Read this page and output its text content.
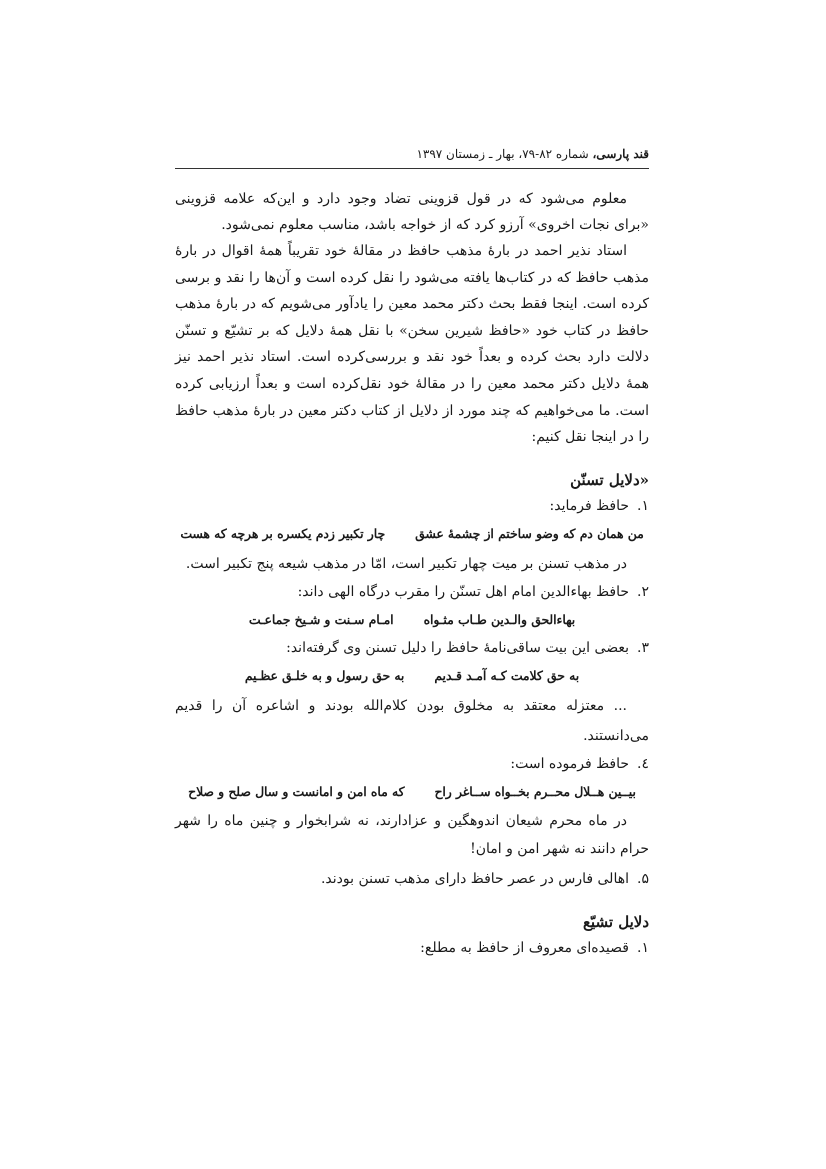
قند پارسی، شماره ۸۲-۷۹، بهار ـ زمستان ۱۳۹۷

معلوم می‌شود که در قول قزوینی تضاد وجود دارد و این‌که علامه قزوینی «برای نجات اخروی» آرزو کرد که از خواجه باشد، مناسب معلوم نمی‌شود.

استاد نذیر احمد در بارهٔ مذهب حافظ در مقالهٔ خود تقریباً همهٔ اقوال در بارهٔ مذهب حافظ که در کتاب‌ها یافته می‌شود را نقل کرده است و آن‌ها را نقد و برسی کرده است. اینجا فقط بحث دکتر محمد معین را یادآور می‌شویم که در بارهٔ مذهب حافظ در کتاب خود «حافظ شیرین سخن» با نقل همهٔ دلایل که بر تشیّع و تسنّن دلالت دارد بحث کرده و بعداً خود نقد و بررسی‌کرده است. استاد نذیر احمد نیز همهٔ دلایل دکتر محمد معین را در مقالهٔ خود نقل‌کرده است و بعداً ارزیابی کرده است. ما می‌خواهیم که چند مورد از دلایل از کتاب دکتر معین در بارهٔ مذهب حافظ را در اینجا نقل کنیم:

«دلایل تسنّن

۱.حافظ فرماید:

من همان دم که وضو ساختم از چشمهٔ عشق
چار تکبیر زدم یکسره بر هرچه که هست

در مذهب تسنن بر میت چهار تکبیر است، امّا در مذهب شیعه پنج تکبیر است.

۲.حافظ بهاءالدین امام اهل تسنّن را مقرب درگاه الهی داند:

بهاءالحق والـدین طـاب مثـواه
امـام سـنت و شـیخ جماعـت

۳.بعضی این بیت ساقی‌نامهٔ حافظ را دلیل تسنن وی گرفته‌اند:

به حق کلامت کـه آمـد قـدیم
به حق رسول و به خلـق عظـیم

... معتزله معتقد به مخلوق بودن کلام‌الله بودند و اشاعره آن را قدیم می‌دانستند.

٤.حافظ فرموده است:

بیــین هــلال محــرم بخــواه ســاغر راح
که ماه امن و امانست و سال صلح و صلاح

در ماه محرم شیعان اندوهگین و عزادارند، نه شرابخوار و چنین ماه را شهر حرام دانند نه شهر امن و امان!

۵.اهالی فارس در عصر حافظ دارای مذهب تسنن بودند.

دلایل تشیّع

۱.قصیده‌ای معروف از حافظ به مطلع:
